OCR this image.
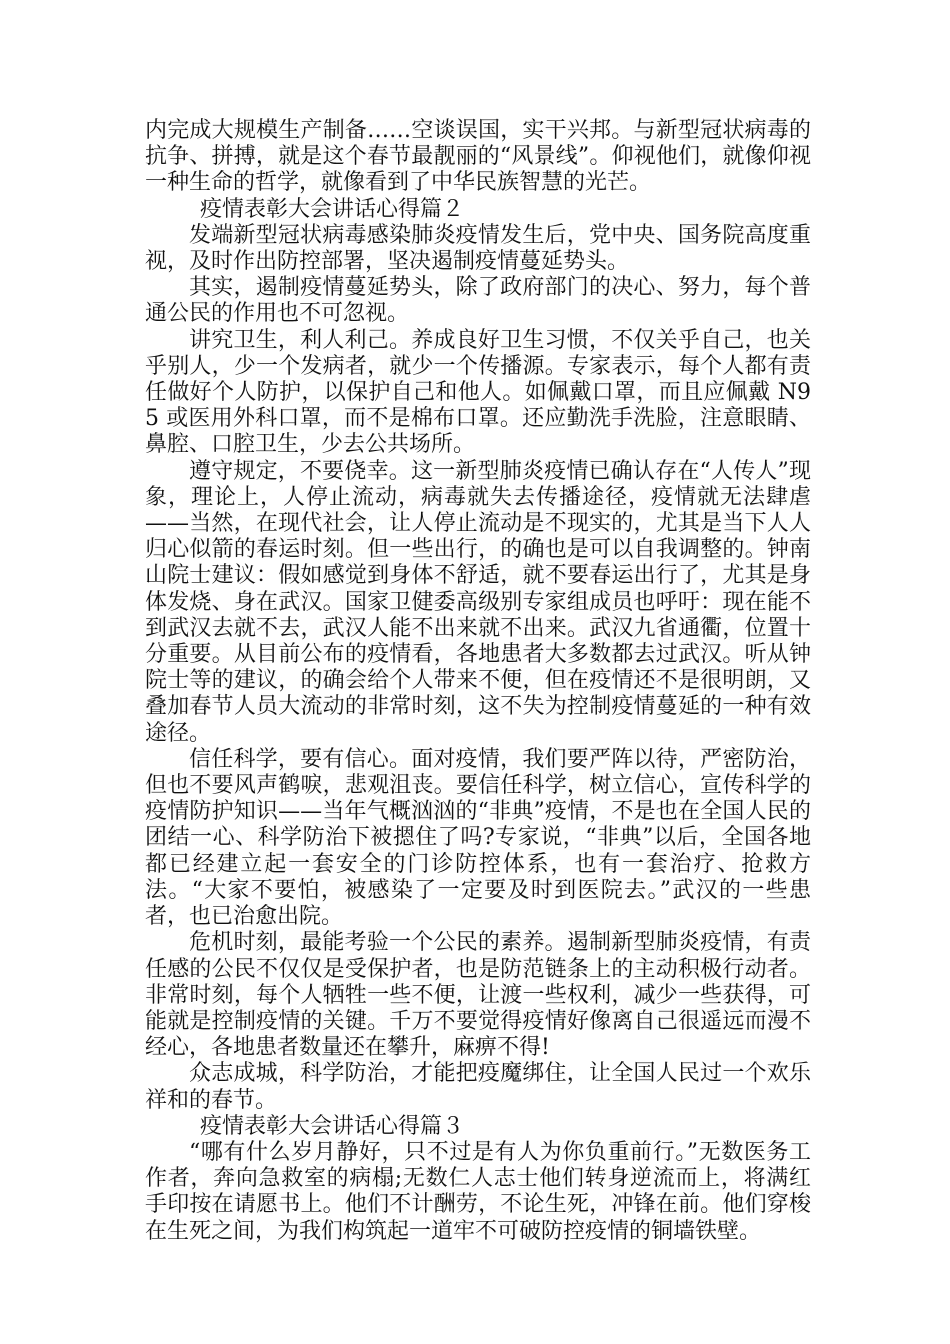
内完成大规模生产制备……空谈误国，实干兴邦。与新型冠状病毒的抗争、拼搏，就是这个春节最靓丽的“风景线”。仰视他们，就像仰视一种生命的哲学，就像看到了中华民族智慧的光芒。

疫情表彰大会讲话心得篇２

发端新型冠状病毒感染肺炎疫情发生后，党中央、国务院高度重视，及时作出防控部署，坚决遏制疫情蔓延势头。

其实，遏制疫情蔓延势头，除了政府部门的决心、努力，每个普通公民的作用也不可忽视。

讲究卫生，利人利己。养成良好卫生习惯，不仅关乎自己，也关乎别人，少一个发病者，就少一个传播源。专家表示，每个人都有责任做好个人防护，以保护自己和他人。如佩戴口罩，而且应佩戴 N95 或医用外科口罩，而不是棉布口罩。还应勤洗手洗脸，注意眼睛、鼻腔、口腔卫生，少去公共场所。

遵守规定，不要侥幸。这一新型肺炎疫情已确认存在“人传人”现象，理论上，人停止流动，病毒就失去传播途径，疫情就无法肆虐——当然，在现代社会，让人停止流动是不现实的，尤其是当下人人归心似箭的春运时刻。但一些出行，的确也是可以自我调整的。钟南山院士建议：假如感觉到身体不舒适，就不要春运出行了，尤其是身体发烧、身在武汉。国家卫健委高级别专家组成员也呼吁：现在能不到武汉去就不去，武汉人能不出来就不出来。武汉九省通衢，位置十分重要。从目前公布的疫情看，各地患者大多数都去过武汉。听从钟院士等的建议，的确会给个人带来不便，但在疫情还不是很明朗，又叠加春节人员大流动的非常时刻，这不失为控制疫情蔓延的一种有效途径。

信任科学，要有信心。面对疫情，我们要严阵以待，严密防治，但也不要风声鹤唳，悲观沮丧。要信任科学，树立信心，宣传科学的疫情防护知识——当年气概汹汹的“非典”疫情，不是也在全国人民的团结一心、科学防治下被摁住了吗?专家说，“非典”以后，全国各地都已经建立起一套安全的门诊防控体系，也有一套治疗、抢救方法。“大家不要怕，被感染了一定要及时到医院去。”武汉的一些患者，也已治愈出院。

危机时刻，最能考验一个公民的素养。遏制新型肺炎疫情，有责任感的公民不仅仅是受保护者，也是防范链条上的主动积极行动者。非常时刻，每个人牺牲一些不便，让渡一些权利，减少一些获得，可能就是控制疫情的关键。千万不要觉得疫情好像离自己很遥远而漫不经心，各地患者数量还在攀升，麻痹不得!

众志成城，科学防治，才能把疫魔绑住，让全国人民过一个欢乐祥和的春节。

疫情表彰大会讲话心得篇３

“哪有什么岁月静好，只不过是有人为你负重前行。”无数医务工作者，奔向急救室的病榻;无数仁人志士他们转身逆流而上，将满红手印按在请愿书上。他们不计酬劳，不论生死，冲锋在前。他们穿梭在生死之间，为我们构筑起一道牢不可破防控疫情的铜墙铁壁。
